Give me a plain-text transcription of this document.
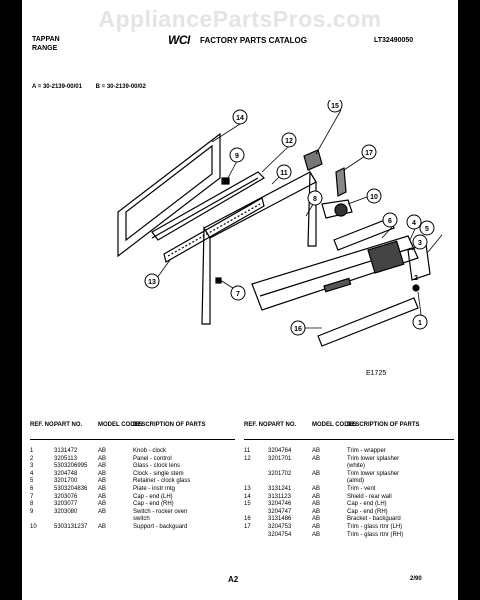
AppliancePartsPros.com
TAPPAN
RANGE
WCI FACTORY PARTS CATALOG	LT32490050
A = 30-2139-00/01 B = 30-2139-00/02
14
12
9
11
13
7
8	10
6	4
3
5
15
17
1
2
16
E1725
REF. NO.
PART NO.	MODEL CODES
DESCRIPTION OF PARTS
1	3131472	AB	Knob - clock
2	3205113	AB	Panel - control
3	5303206995	AB	Glass - clock lens
4	3204748	AB	Clock - single stem
5	3201700	AB	Retainer - clock glass
6	5303204836	AB	Plate - instr mtg
7	3203076	AB	Cap - end (LH)
8	3203077	AB	Cap - end (RH)
9	3203080	AB	Switch - rocker oven
switch
10	5303131237	AB	Support - backguard
REF. NO.
PART NO.	MODEL CODES
DESCRIPTION OF PARTS
11	3204764	AB	Trim - wrapper
12	3201701	AB	Trim lower splasher
(white)
3201702	AB	Trim lower splasher
(almd)
13	3131241	AB	Trim - vent
14	3131123	AB	Shield - rear wall
15	3204746	AB	Cap - end (LH)
3204747	AB	Cap - end (RH)
16	3131486	AB	Bracket - backguard
17	3204753	AB	Trim - glass rtnr (LH)
3204754	AB	Trim - glass rtnr (RH)
A2	2/90
